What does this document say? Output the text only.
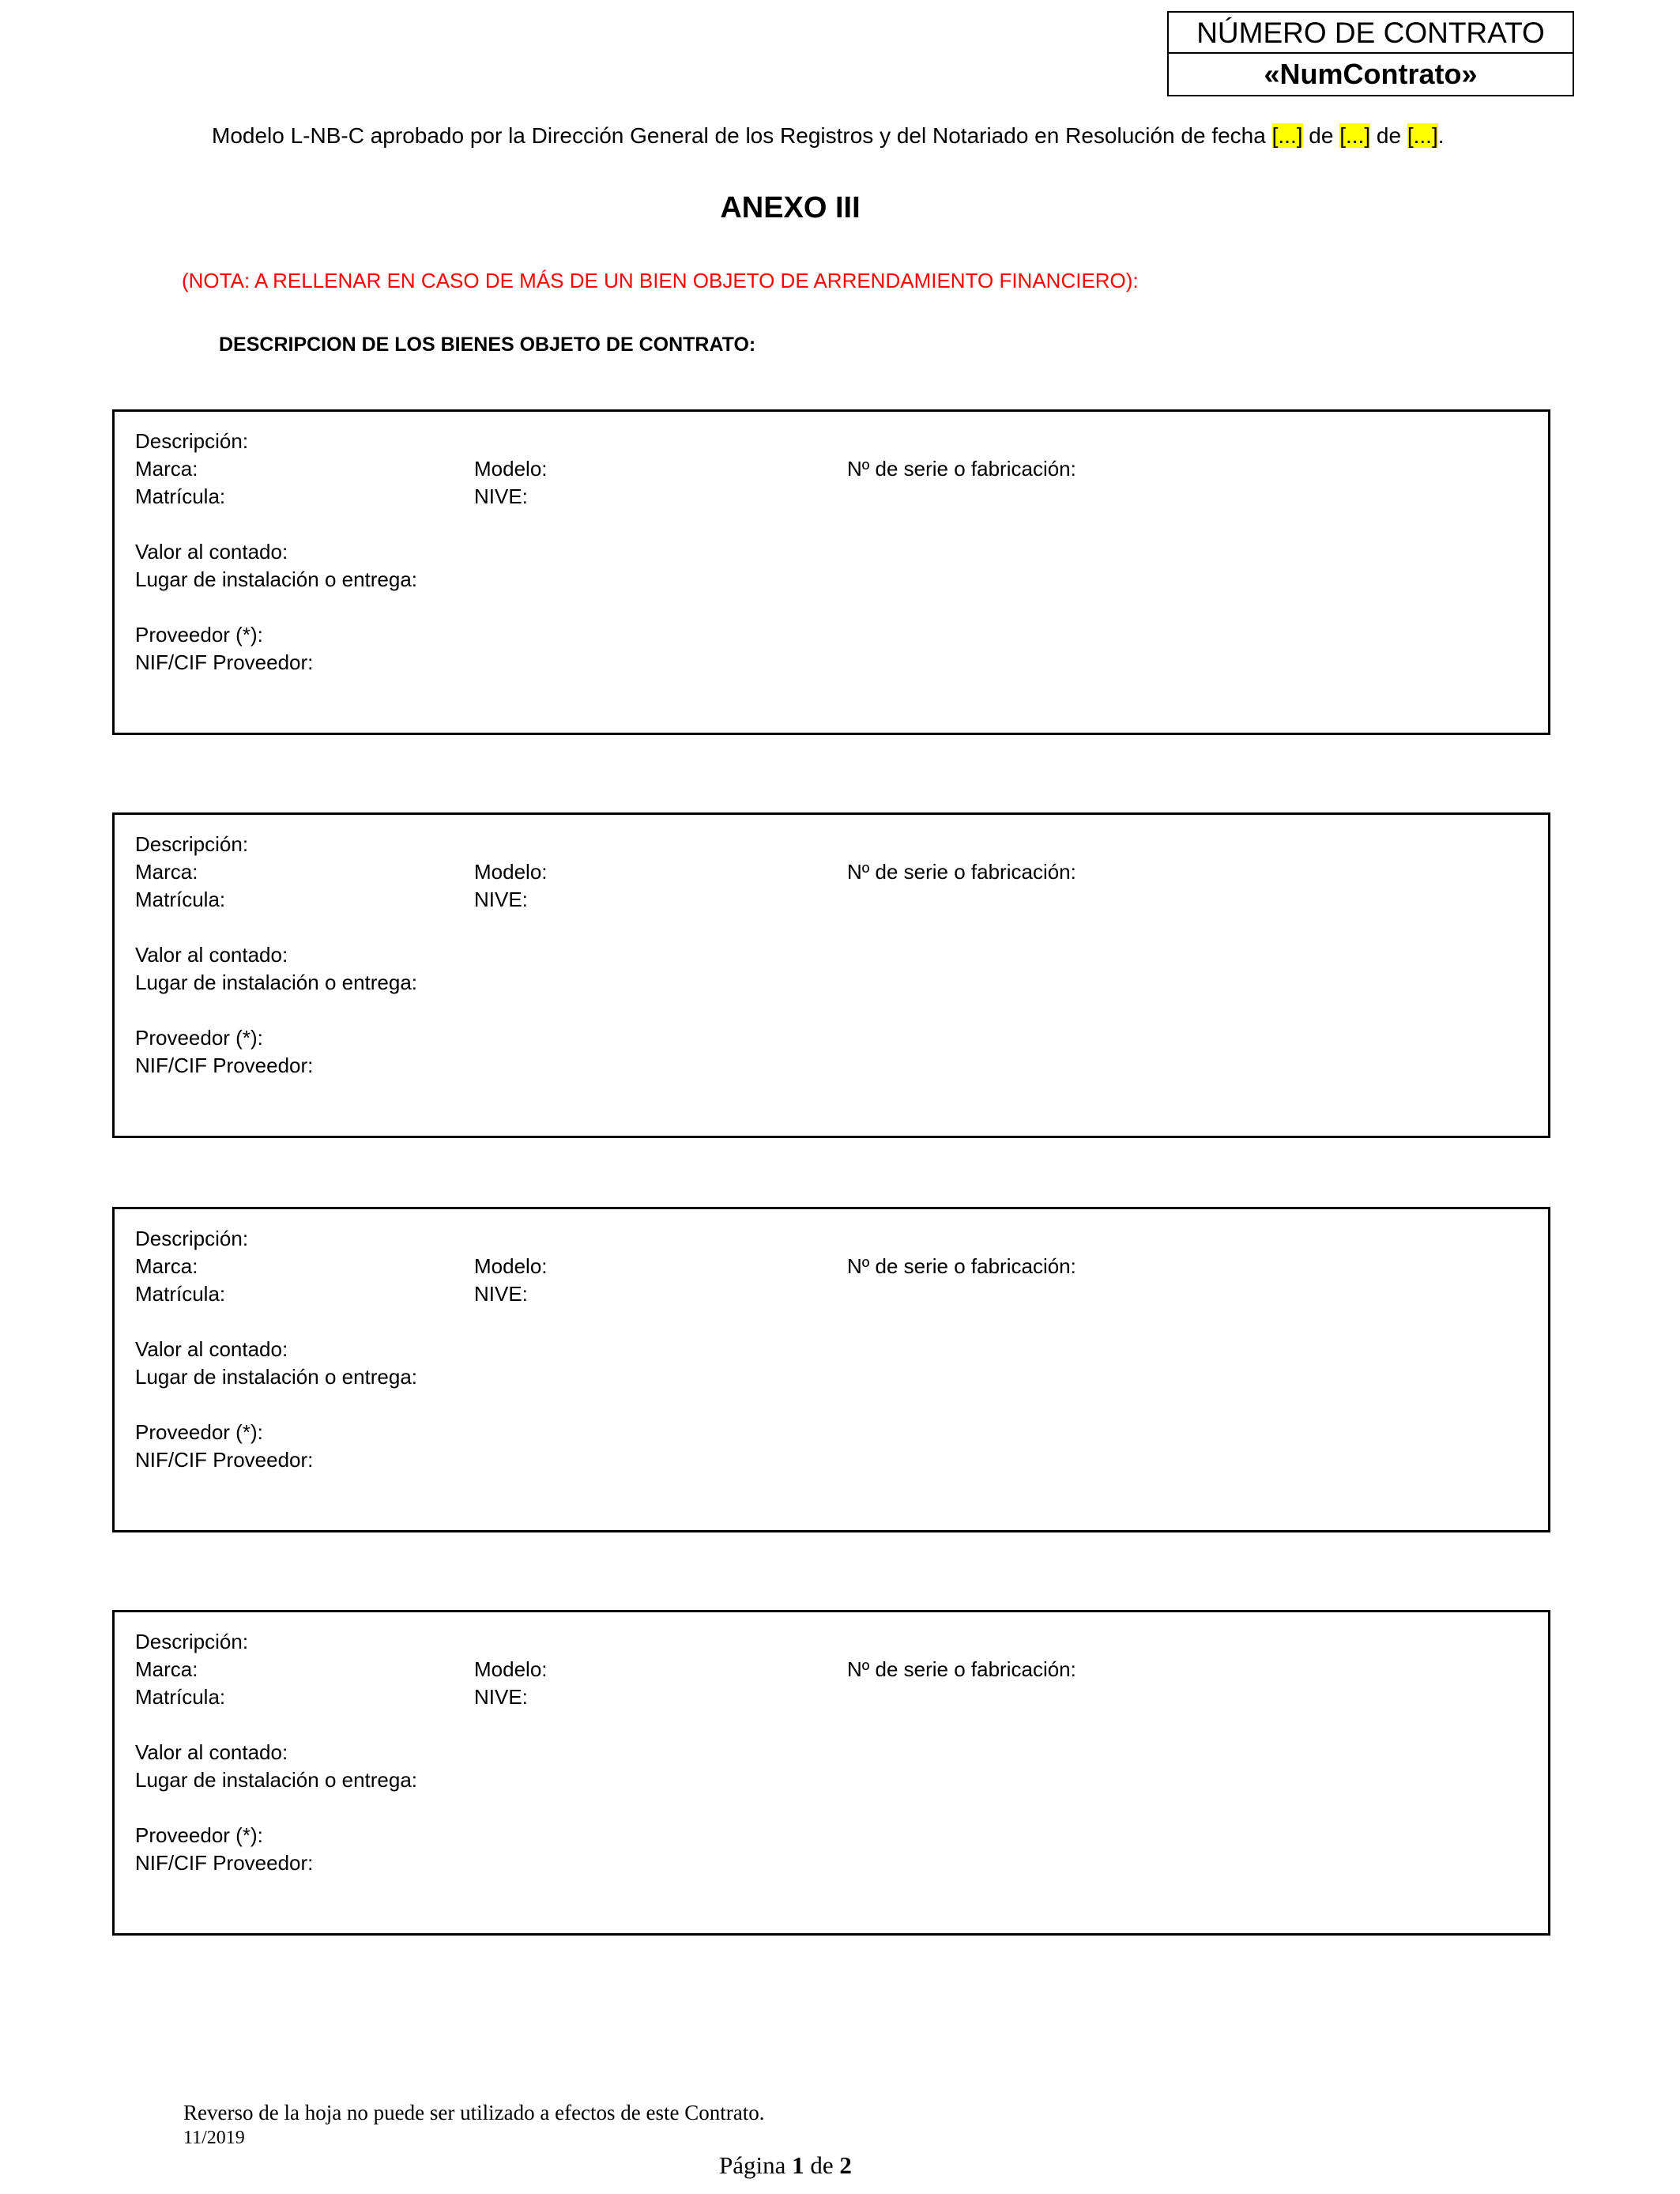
NÚMERO DE CONTRATO
«NumContrato»
Modelo L-NB-C aprobado por la Dirección General de los Registros y del Notariado en Resolución de fecha [...] de [...] de [...].
ANEXO III
(NOTA: A RELLENAR EN CASO DE MÁS DE UN BIEN OBJETO DE ARRENDAMIENTO FINANCIERO):
DESCRIPCION DE LOS BIENES OBJETO DE CONTRATO:
Descripción:
Marca:	Modelo:	Nº de serie o fabricación:
Matrícula:	NIVE:
Valor al contado:
Lugar de instalación o entrega:
Proveedor (*):
NIF/CIF Proveedor:
Descripción:
Marca:	Modelo:	Nº de serie o fabricación:
Matrícula:	NIVE:
Valor al contado:
Lugar de instalación o entrega:
Proveedor (*):
NIF/CIF Proveedor:
Descripción:
Marca:	Modelo:	Nº de serie o fabricación:
Matrícula:	NIVE:
Valor al contado:
Lugar de instalación o entrega:
Proveedor (*):
NIF/CIF Proveedor:
Descripción:
Marca:	Modelo:	Nº de serie o fabricación:
Matrícula:	NIVE:
Valor al contado:
Lugar de instalación o entrega:
Proveedor (*):
NIF/CIF Proveedor:
Reverso de la hoja no puede ser utilizado a efectos de este Contrato.
11/2019
Página 1 de 2
